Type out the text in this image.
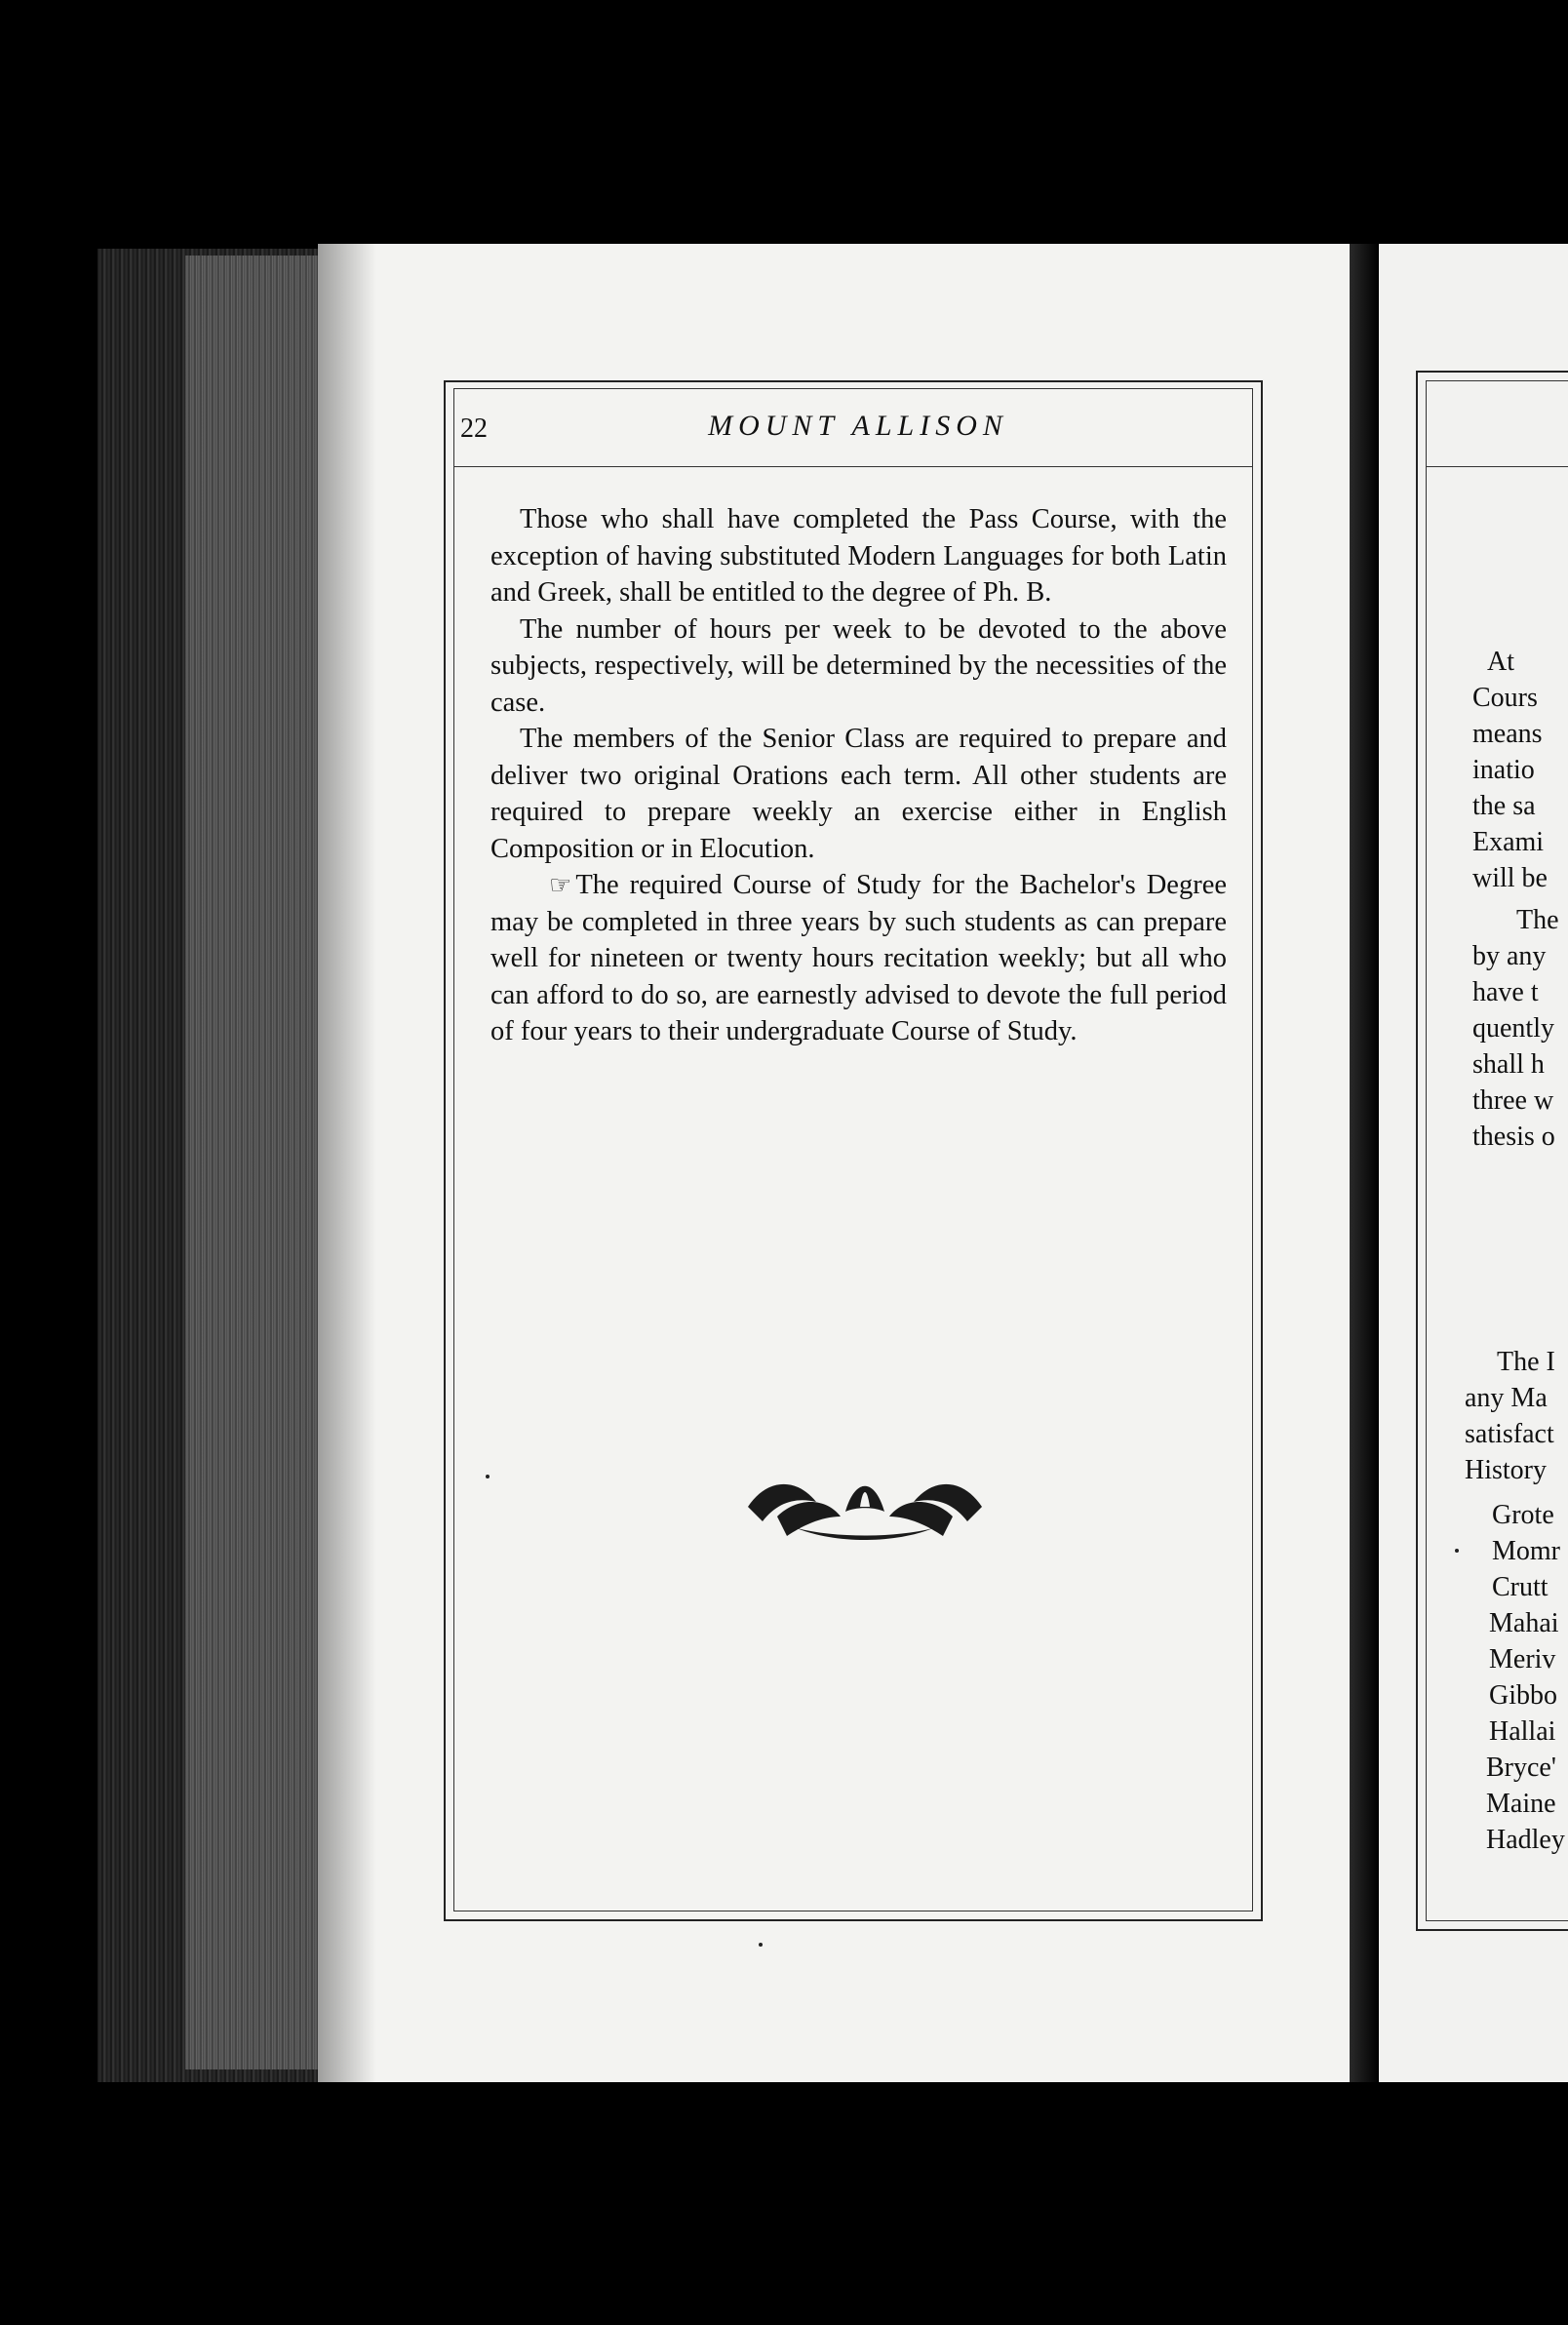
22	MOUNT ALLISON

Those who shall have completed the Pass Course, with the exception of having substituted Modern Languages for both Latin and Greek, shall be entitled to the degree of Ph. B.

The number of hours per week to be devoted to the above subjects, respectively, will be determined by the necessities of the case.

The members of the Senior Class are required to prepare and deliver two original Orations each term. All other students are required to prepare weekly an exercise either in English Composition or in Elocution.

☞ The required Course of Study for the Bachelor's Degree may be completed in three years by such students as can prepare well for nineteen or twenty hours recitation weekly; but all who can afford to do so, are earnestly advised to devote the full period of four years to their undergraduate Course of Study.

At
Cours
means
inatio
the sa
Exami
will be
The
by any
have t
quently
shall h
three w
thesis o
The I
any Ma
satisfact
History
Grote
Momr
Crutt
Mahai
Meriv
Gibbo
Hallai
Bryce'
Maine
Hadley
